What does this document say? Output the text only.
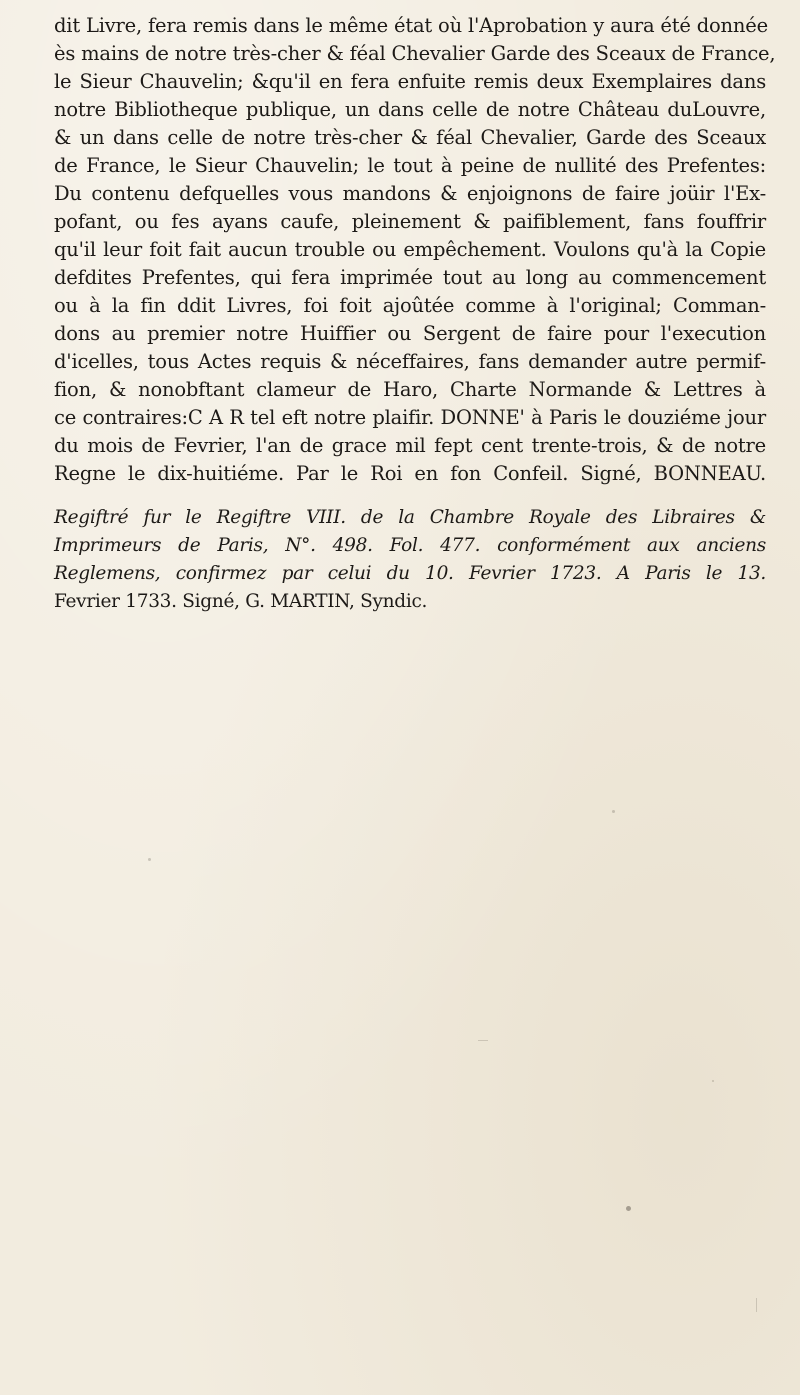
dit Livre, fera remis dans le même état où l'Aprobation y aura été donnée
ès mains de notre très-cher & féal Chevalier Garde des Sceaux de France,
le Sieur Chauvelin; &qu'il en fera enfuite remis deux Exemplaires dans
notre Bibliotheque publique, un dans celle de notre Château duLouvre,
& un dans celle de notre très-cher & féal Chevalier, Garde des Sceaux
de France, le Sieur Chauvelin; le tout à peine de nullité des Prefentes:
Du contenu defquelles vous mandons & enjoignons de faire joüir l'Ex-
pofant, ou fes ayans caufe, pleinement & paifiblement, fans fouffrir
qu'il leur foit fait aucun trouble ou empêchement. Voulons qu'à la Copie
defdites Prefentes, qui fera imprimée tout au long au commencement
ou à la fin ddit Livres, foi foit ajoûtée comme à l'original; Comman-
dons au premier notre Huiffier ou Sergent de faire pour l'execution
d'icelles, tous Actes requis & néceffaires, fans demander autre permif-
fion, & nonobftant clameur de Haro, Charte Normande & Lettres à
ce contraires:C A R tel eft notre plaifir. DONNE' à Paris le douziéme jour
du mois de Fevrier, l'an de grace mil fept cent trente-trois, & de notre
Regne le dix-huitiéme. Par le Roi en fon Confeil. Signé, BONNEAU.
Regiftré fur le Regiftre VIII. de la Chambre Royale des Libraires &
Imprimeurs de Paris, N°. 498. Fol. 477. conformément aux anciens
Reglemens, confirmez par celui du 10. Fevrier 1723. A Paris le 13.
Fevrier 1733. Signé, G. MARTIN, Syndic.
